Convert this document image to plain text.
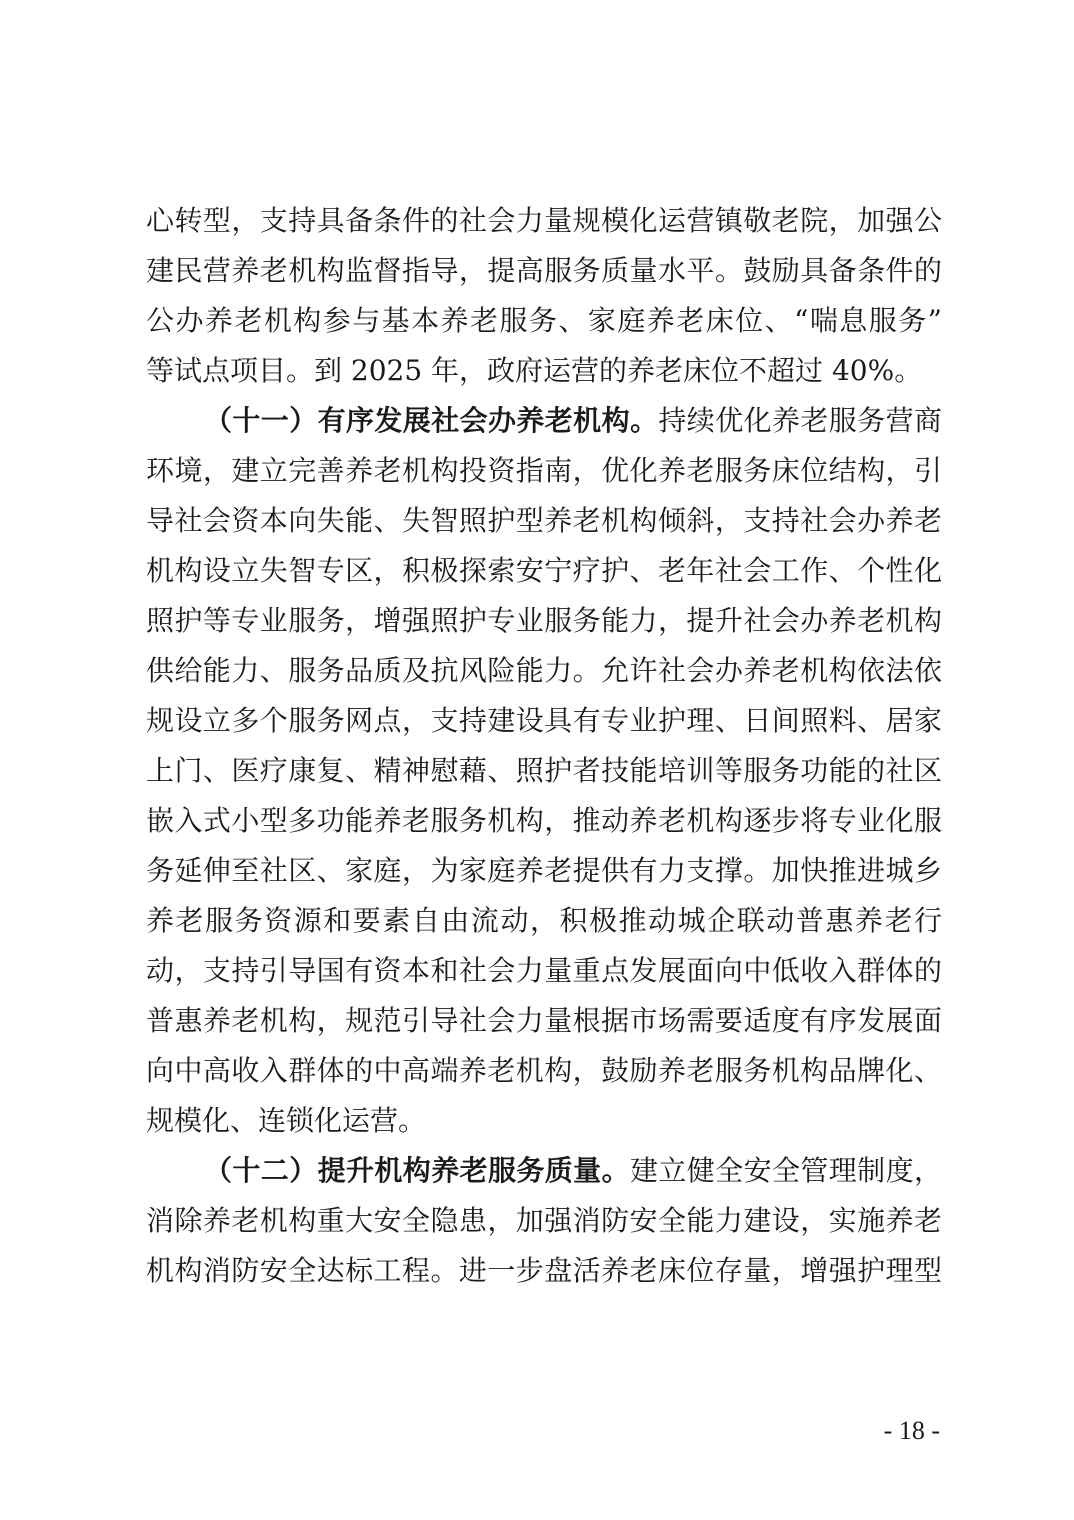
心转型，支持具备条件的社会力量规模化运营镇敬老院，加强公
建民营养老机构监督指导，提高服务质量水平。鼓励具备条件的
公办养老机构参与基本养老服务、家庭养老床位、“喘息服务”
等试点项目。到 2025 年，政府运营的养老床位不超过 40%。
（十一）有序发展社会办养老机构。持续优化养老服务营商
环境，建立完善养老机构投资指南，优化养老服务床位结构，引
导社会资本向失能、失智照护型养老机构倾斜，支持社会办养老
机构设立失智专区，积极探索安宁疗护、老年社会工作、个性化
照护等专业服务，增强照护专业服务能力，提升社会办养老机构
供给能力、服务品质及抗风险能力。允许社会办养老机构依法依
规设立多个服务网点，支持建设具有专业护理、日间照料、居家
上门、医疗康复、精神慰藉、照护者技能培训等服务功能的社区
嵌入式小型多功能养老服务机构，推动养老机构逐步将专业化服
务延伸至社区、家庭，为家庭养老提供有力支撑。加快推进城乡
养老服务资源和要素自由流动，积极推动城企联动普惠养老行
动，支持引导国有资本和社会力量重点发展面向中低收入群体的
普惠养老机构，规范引导社会力量根据市场需要适度有序发展面
向中高收入群体的中高端养老机构，鼓励养老服务机构品牌化、
规模化、连锁化运营。
（十二）提升机构养老服务质量。建立健全安全管理制度，
消除养老机构重大安全隐患，加强消防安全能力建设，实施养老
机构消防安全达标工程。进一步盘活养老床位存量，增强护理型
- 18 -
